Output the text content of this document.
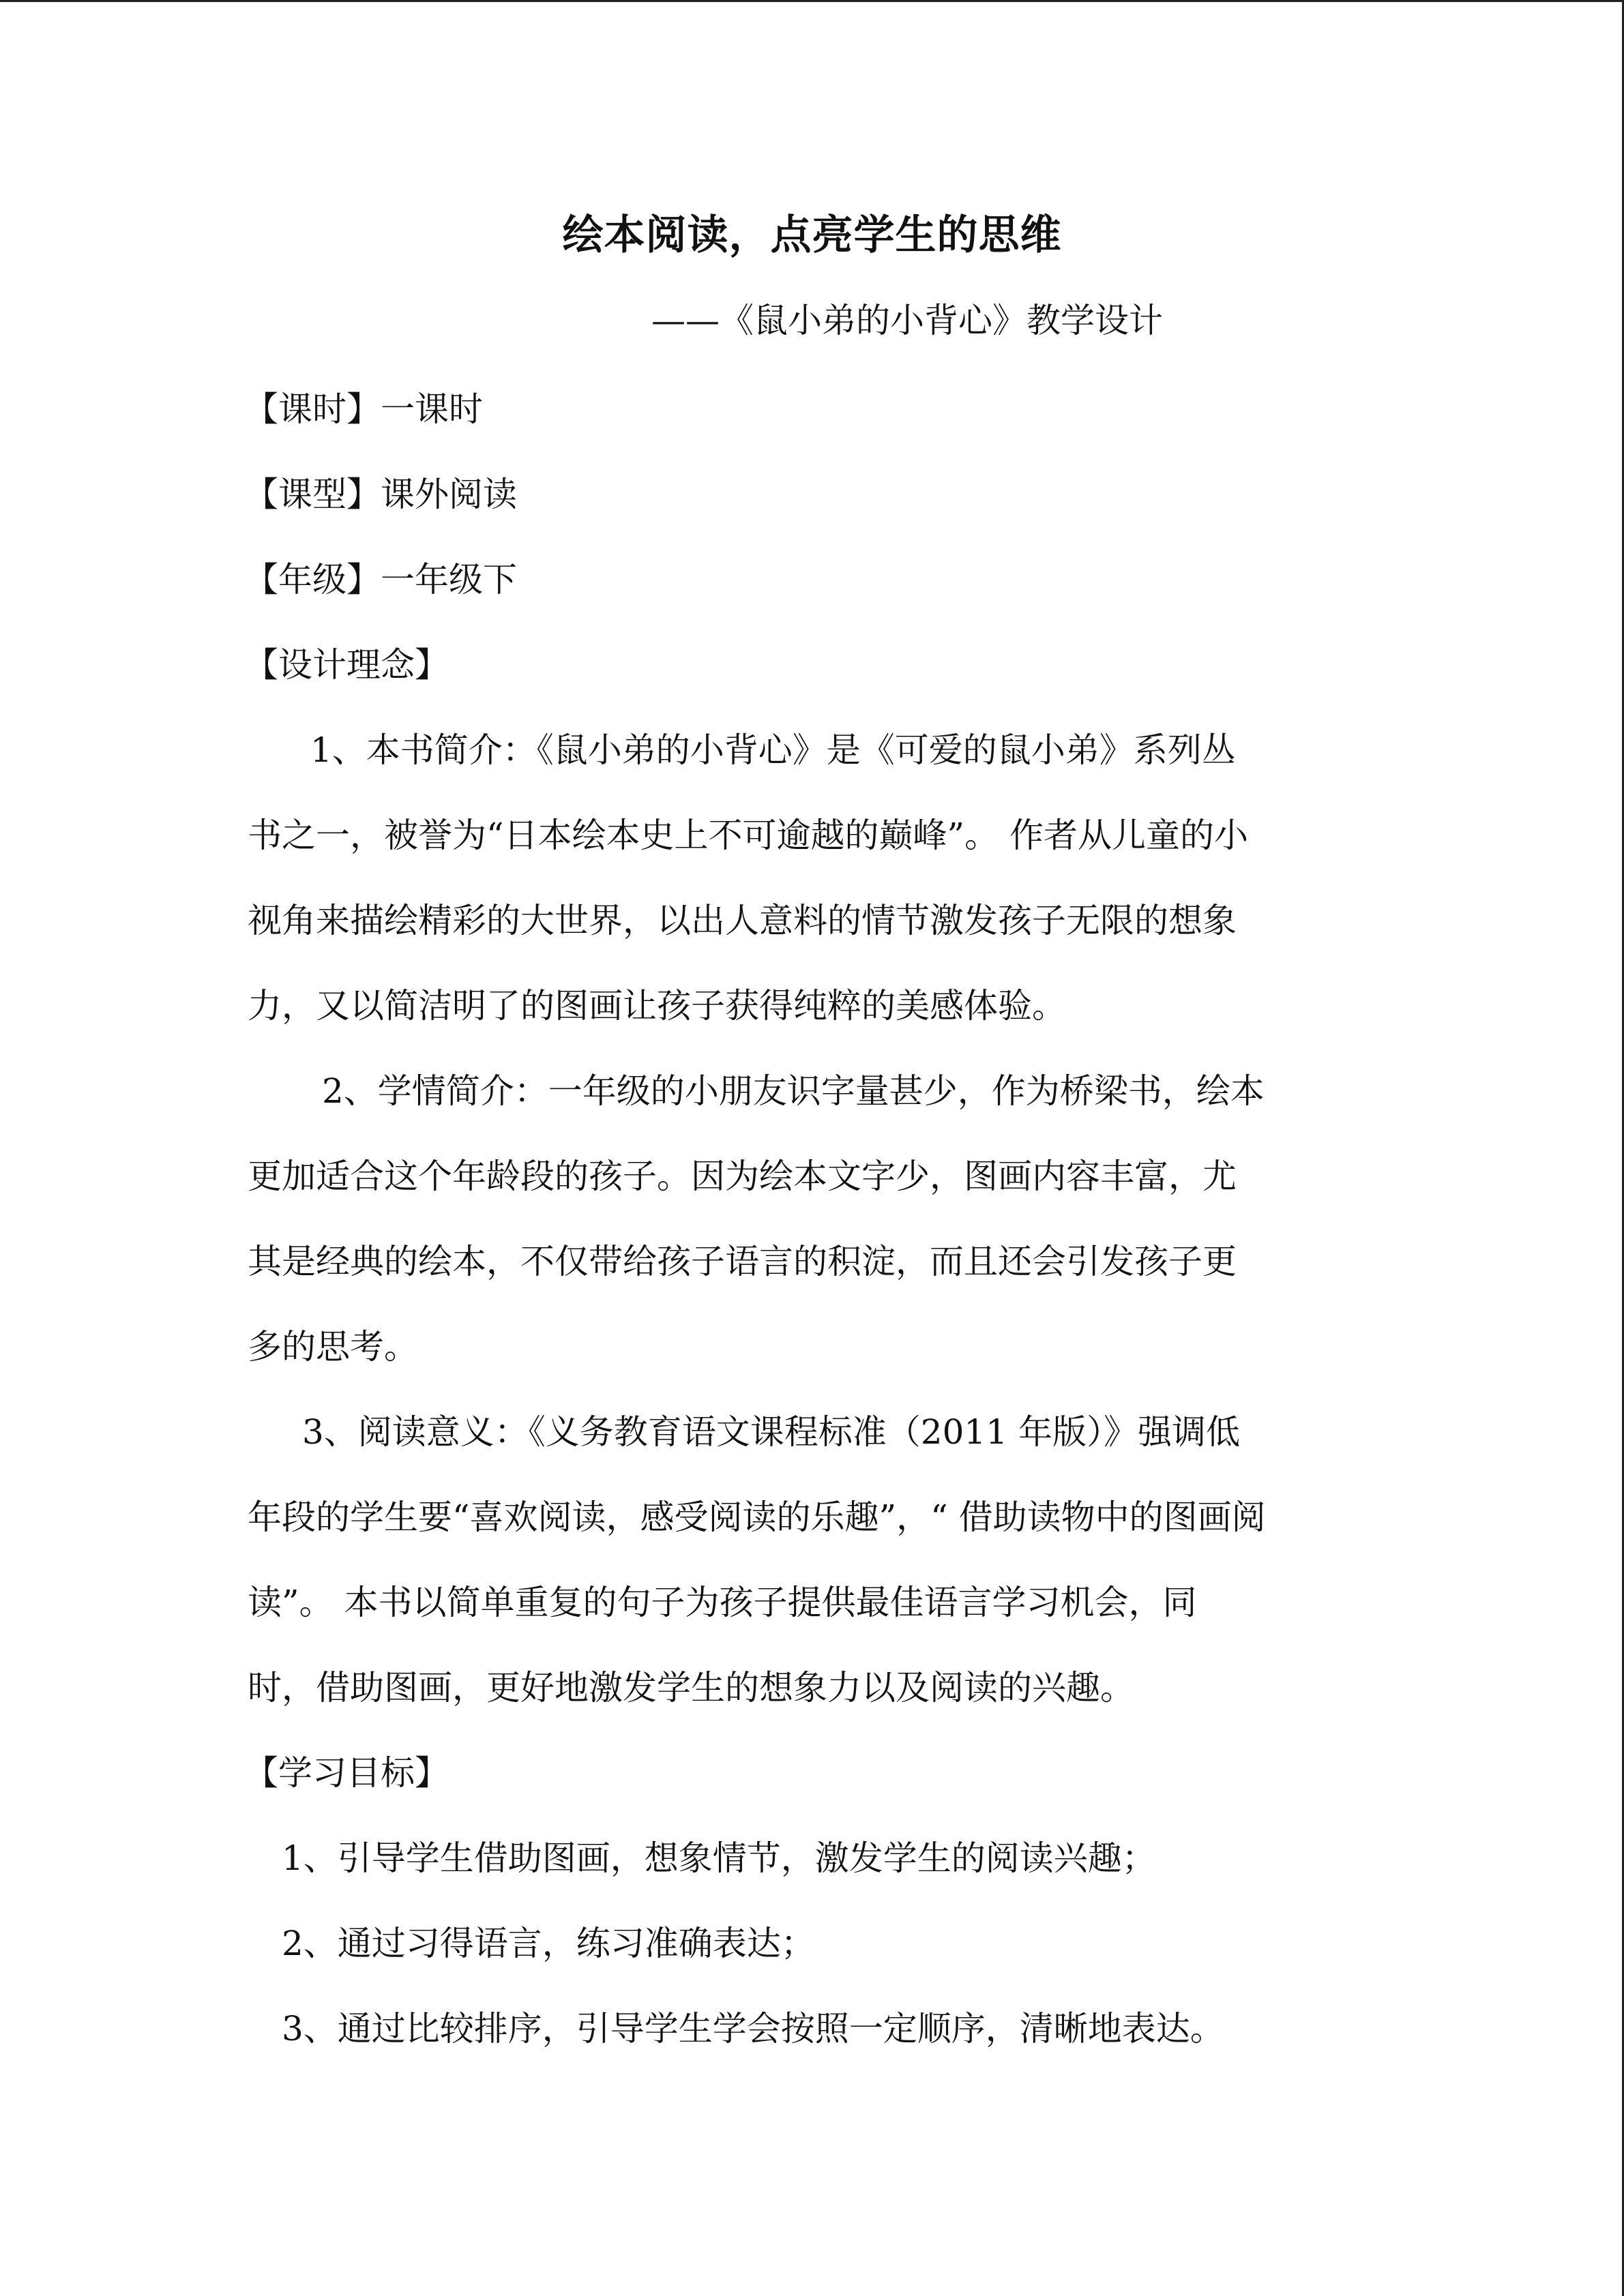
绘本阅读，点亮学生的思维
——《鼠小弟的小背心》教学设计
【课时】一课时
【课型】课外阅读
【年级】一年级下
【设计理念】
1、本书简介：《鼠小弟的小背心》是《可爱的鼠小弟》系列丛
书之一，被誉为“日本绘本史上不可逾越的巅峰”。 作者从儿童的小
视角来描绘精彩的大世界，以出人意料的情节激发孩子无限的想象
力，又以简洁明了的图画让孩子获得纯粹的美感体验。
2、学情简介：一年级的小朋友识字量甚少，作为桥梁书，绘本
更加适合这个年龄段的孩子。因为绘本文字少，图画内容丰富，尤
其是经典的绘本，不仅带给孩子语言的积淀，而且还会引发孩子更
多的思考。
3、阅读意义：《义务教育语文课程标准（2011 年版）》强调低
年段的学生要“喜欢阅读，感受阅读的乐趣”，“ 借助读物中的图画阅
读”。 本书以简单重复的句子为孩子提供最佳语言学习机会，同
时，借助图画，更好地激发学生的想象力以及阅读的兴趣。
【学习目标】
1、引导学生借助图画，想象情节，激发学生的阅读兴趣；
2、通过习得语言，练习准确表达；
3、通过比较排序，引导学生学会按照一定顺序，清晰地表达。
